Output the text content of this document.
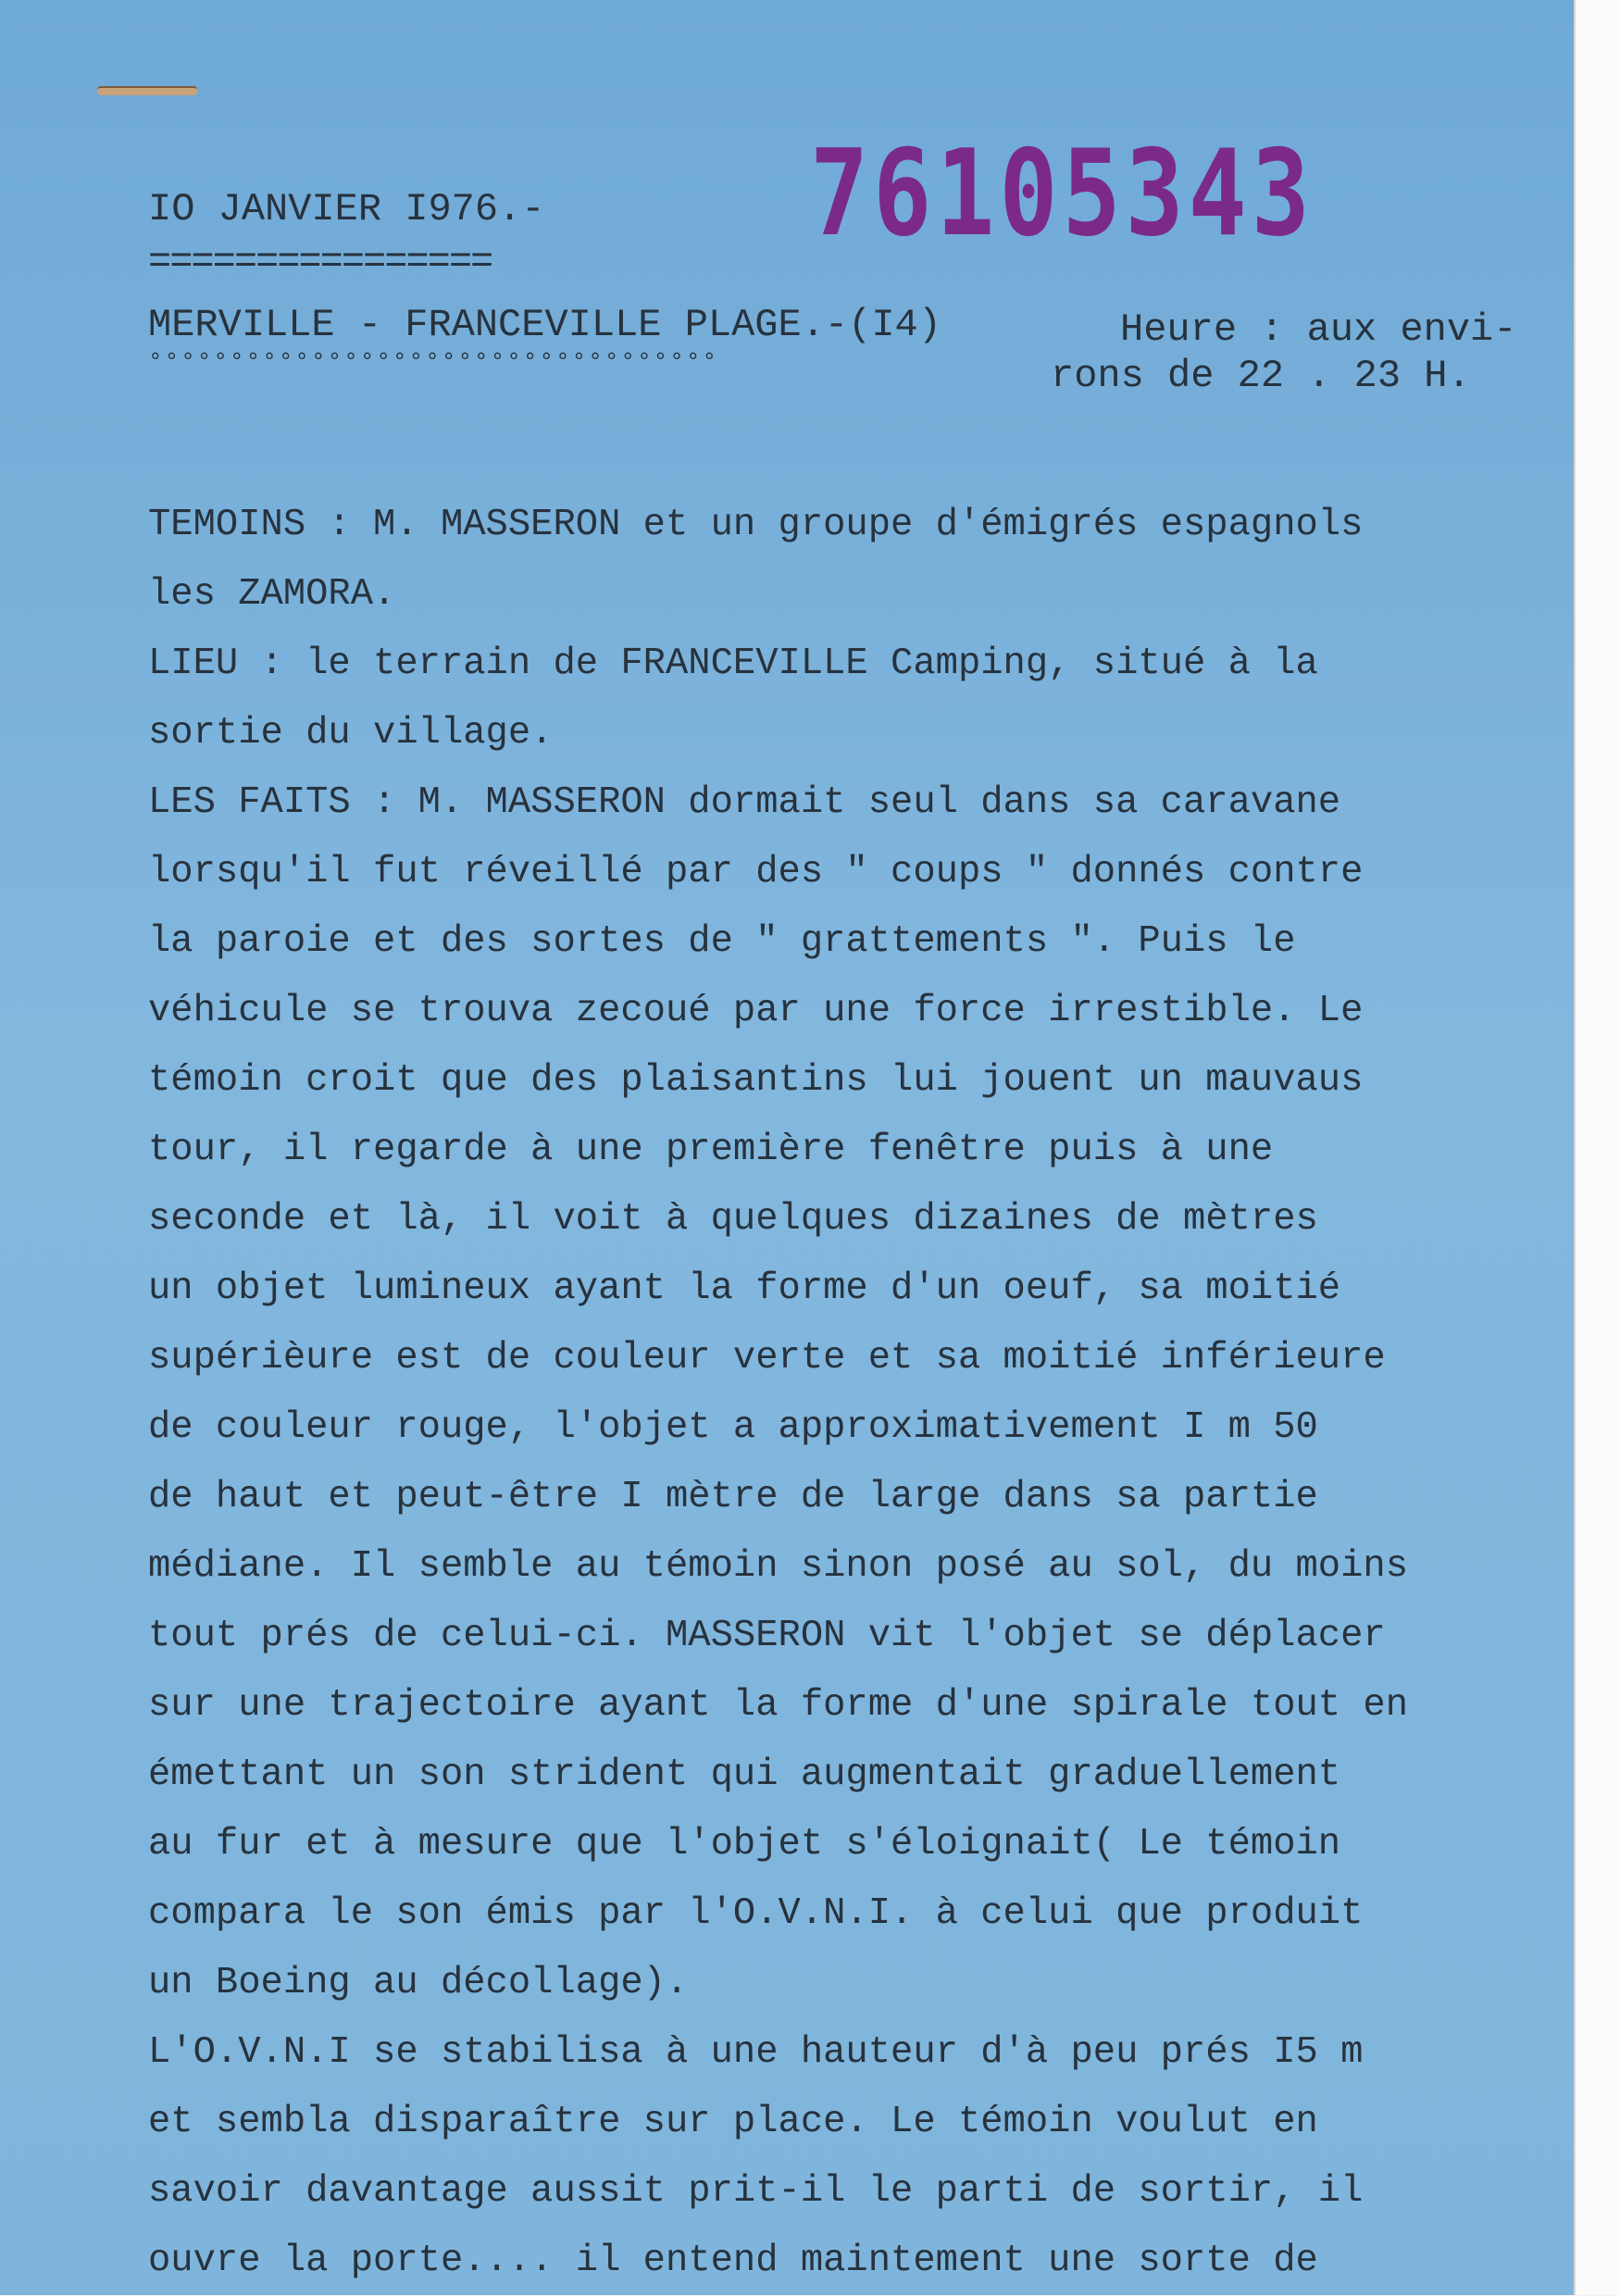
76105343
IO JANVIER I976.-
================
MERVILLE - FRANCEVILLE PLAGE.-(I4)
°°°°°°°°°°°°°°°°°°°°°°°°°°°°°°°°°°°
Heure : aux envi-
rons de 22 . 23 H.
TEMOINS : M. MASSERON et un groupe d'émigrés espagnols
les ZAMORA.
LIEU : le terrain de FRANCEVILLE Camping, situé à la
sortie du village.
LES FAITS : M. MASSERON dormait seul dans sa caravane
lorsqu'il fut réveillé par des " coups " donnés contre
la paroie et des sortes de " grattements ". Puis le
véhicule se trouva zecoué par une force irrestible. Le
témoin croit que des plaisantins lui jouent un mauvaus
tour, il regarde à une première fenêtre puis à une
seconde et là, il voit à quelques dizaines de mètres
un objet lumineux ayant la forme d'un oeuf, sa moitié
supérièure est de couleur verte et sa moitié inférieure
de couleur rouge, l'objet a approximativement I m 50
de haut et peut-être I mètre de large dans sa partie
médiane. Il semble au témoin sinon posé au sol, du moins
tout prés de celui-ci. MASSERON vit l'objet se déplacer
sur une trajectoire ayant la forme d'une spirale tout en
émettant un son strident qui augmentait graduellement
au fur et à mesure que l'objet s'éloignait( Le témoin
compara le son émis par l'O.V.N.I. à celui que produit
un Boeing au décollage).
L'O.V.N.I se stabilisa à une hauteur d'à peu prés I5 m
et sembla disparaître sur place. Le témoin voulut en
savoir davantage aussit prit-il le parti de sortir, il
ouvre la porte.... il entend maintement une sorte de
